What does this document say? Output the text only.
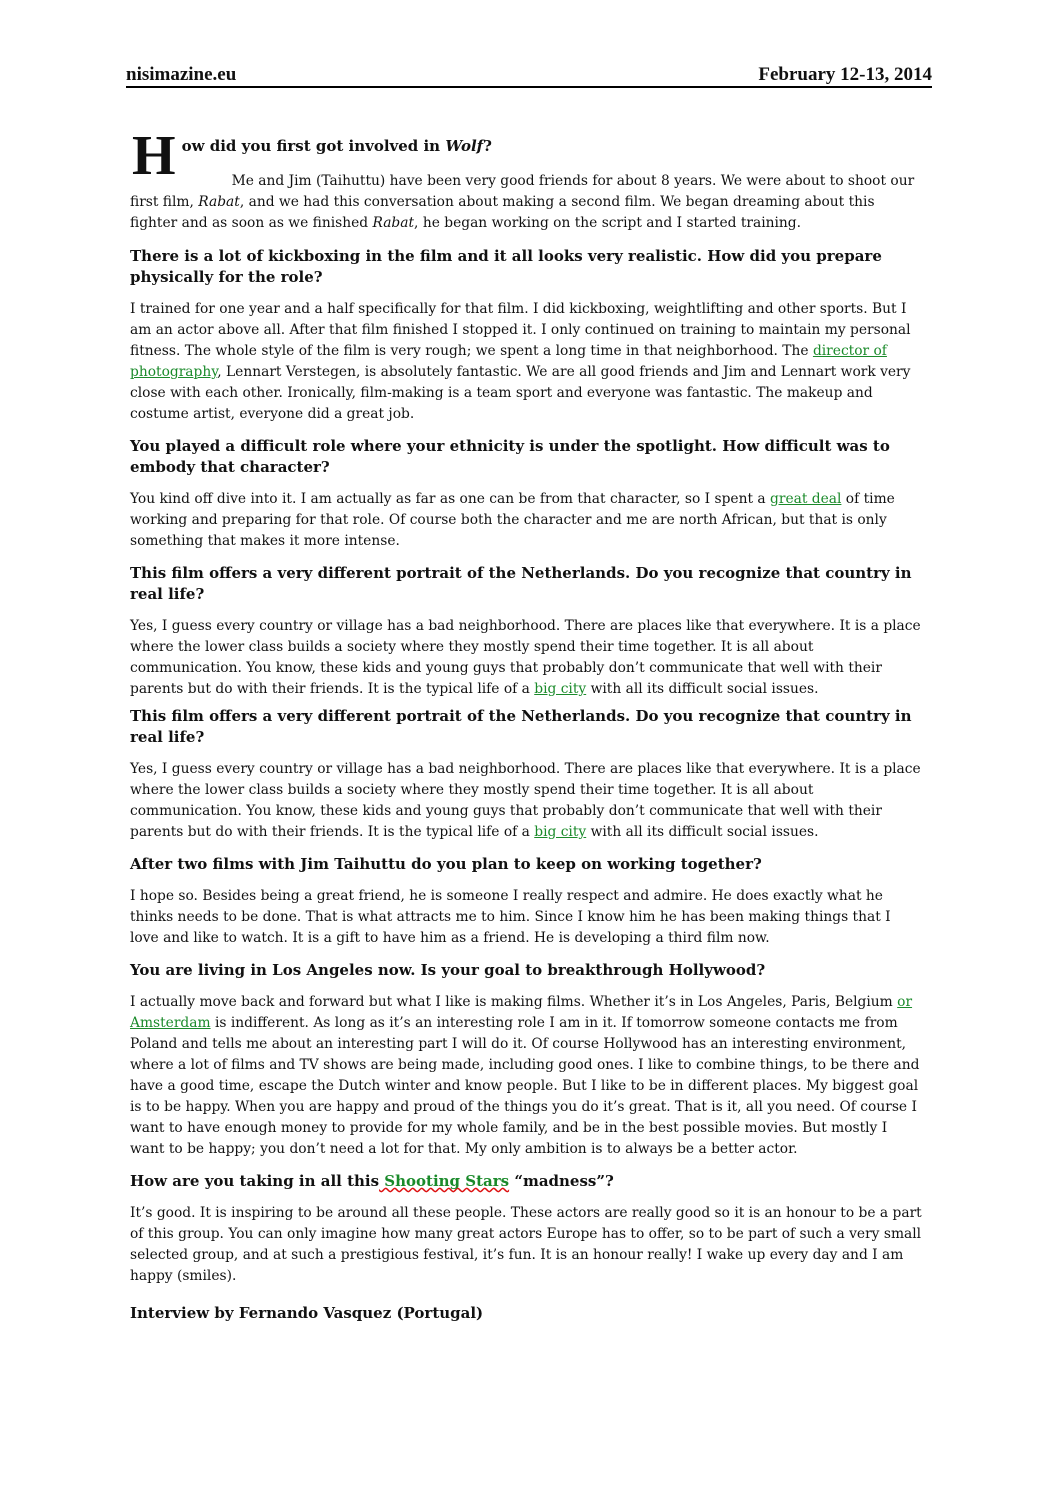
nisimazine.eu	February 12-13, 2014
H ow did you first got involved in Wolf?

Me and Jim (Taihuttu) have been very good friends for about 8 years. We were about to shoot our first film, Rabat, and we had this conversation about making a second film. We began dreaming about this fighter and as soon as we finished Rabat, he began working on the script and I started training.

There is a lot of kickboxing in the film and it all looks very realistic. How did you prepare physically for the role?

I trained for one year and a half specifically for that film. I did kickboxing, weightlifting and other sports. But I am an actor above all. After that film finished I stopped it. I only continued on training to maintain my personal fitness. The whole style of the film is very rough; we spent a long time in that neighborhood. The director of photography, Lennart Verstegen, is absolutely fantastic. We are all good friends and Jim and Lennart work very close with each other. Ironically, film-making is a team sport and everyone was fantastic. The makeup and costume artist, everyone did a great job.

You played a difficult role where your ethnicity is under the spotlight. How difficult was to embody that character?

You kind off dive into it. I am actually as far as one can be from that character, so I spent a great deal of time working and preparing for that role. Of course both the character and me are north African, but that is only something that makes it more intense.

This film offers a very different portrait of the Netherlands. Do you recognize that country in real life?

Yes, I guess every country or village has a bad neighborhood. There are places like that everywhere. It is a place where the lower class builds a society where they mostly spend their time together. It is all about communication. You know, these kids and young guys that probably don’t communicate that well with their parents but do with their friends. It is the typical life of a big city with all its difficult social issues.

This film offers a very different portrait of the Netherlands. Do you recognize that country in real life?

Yes, I guess every country or village has a bad neighborhood. There are places like that everywhere. It is a place where the lower class builds a society where they mostly spend their time together. It is all about communication. You know, these kids and young guys that probably don’t communicate that well with their parents but do with their friends. It is the typical life of a big city with all its difficult social issues.

After two films with Jim Taihuttu do you plan to keep on working together?

I hope so. Besides being a great friend, he is someone I really respect and admire. He does exactly what he thinks needs to be done. That is what attracts me to him. Since I know him he has been making things that I love and like to watch. It is a gift to have him as a friend. He is developing a third film now.

You are living in Los Angeles now. Is your goal to breakthrough Hollywood?

I actually move back and forward but what I like is making films. Whether it’s in Los Angeles, Paris, Belgium or Amsterdam is indifferent. As long as it’s an interesting role I am in it. If tomorrow someone contacts me from Poland and tells me about an interesting part I will do it. Of course Hollywood has an interesting environment, where a lot of films and TV shows are being made, including good ones. I like to combine things, to be there and have a good time, escape the Dutch winter and know people. But I like to be in different places. My biggest goal is to be happy. When you are happy and proud of the things you do it’s great. That is it, all you need. Of course I want to have enough money to provide for my whole family, and be in the best possible movies. But mostly I want to be happy; you don’t need a lot for that. My only ambition is to always be a better actor.

How are you taking in all this Shooting Stars “madness”?

It’s good. It is inspiring to be around all these people. These actors are really good so it is an honour to be a part of this group. You can only imagine how many great actors Europe has to offer, so to be part of such a very small selected group, and at such a prestigious festival, it’s fun. It is an honour really! I wake up every day and I am happy (smiles).

Interview by Fernando Vasquez (Portugal)
